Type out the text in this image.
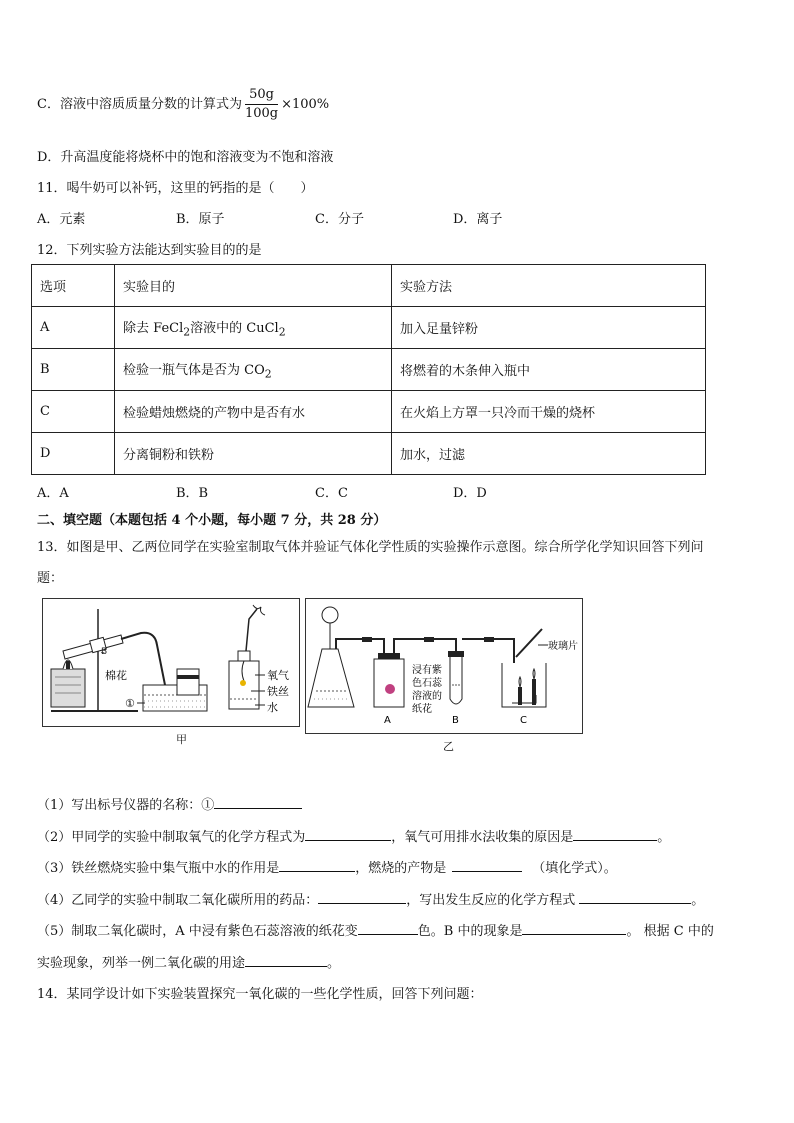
C．溶液中溶质质量分数的计算式为 $\frac{50g}{100g} \times 100\%$
D．升高温度能将烧杯中的饱和溶液变为不饱和溶液
11．喝牛奶可以补钙，这里的钙指的是（　　）
A．元素	B．原子	C．分子	D．离子
12．下列实验方法能达到实验目的的是
选项	实验目的	实验方法
A	除去 FeCl$_2$溶液中的 CuCl$_2$	加入足量锌粉
B	检验一瓶气体是否为 $CO_2$	将燃着的木条伸入瓶中
C	检验蜡烛燃烧的产物中是否有水	在火焰上方罩一只冷而干燥的烧杯
D	分离铜粉和铁粉	加水，过滤
A．A	B．B	C．C	D．D
二、填空题（本题包括 4 个小题，每小题 7 分，共 28 分）
13．如图是甲、乙两位同学在实验室制取气体并验证气体化学性质的实验操作示意图。综合所学化学知识回答下列问
题：
Ƀ
棉花
①
氧气
铁丝
水
甲
A
浸有紫
色石蕊
溶液的
纸花
B	C
玻璃片
乙
（1）写出标号仪器的名称：①
（2）甲同学的实验中制取氧气的化学方程式为	，氧气可用排水法收集的原因是	。
（3）铁丝燃烧实验中集气瓶中水的作用是	，燃烧的产物是	（填化学式）。
（4）乙同学的实验中制取二氧化碳所用的药品：	，写出发生反应的化学方程式	。
（5）制取二氧化碳时，A 中浸有紫色石蕊溶液的纸花变	色。B 中的现象是	。 根据 C 中的
实验现象，列举一例二氧化碳的用途	。
14．某同学设计如下实验装置探究一氧化碳的一些化学性质，回答下列问题：
